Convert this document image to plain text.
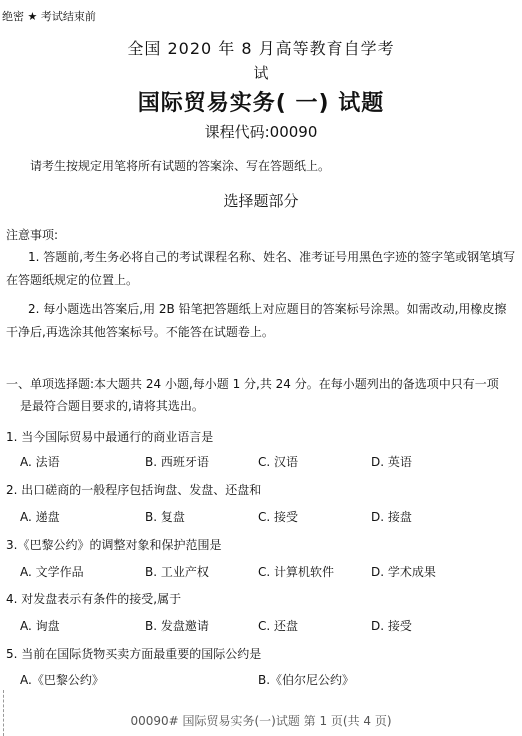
绝密 ★ 考试结束前
全国 2020 年 8 月高等教育自学考
试
国际贸易实务( 一) 试题
课程代码:00090
请考生按规定用笔将所有试题的答案涂、写在答题纸上。
选择题部分
注意事项:
1. 答题前,考生务必将自己的考试课程名称、姓名、准考证号用黑色字迹的签字笔或钢笔填写在答题纸规定的位置上。
2. 每小题选出答案后,用 2B 铅笔把答题纸上对应题目的答案标号涂黑。如需改动,用橡皮擦干净后,再选涂其他答案标号。不能答在试题卷上。
一、单项选择题:本大题共 24 小题,每小题 1 分,共 24 分。在每小题列出的备选项中只有一项
是最符合题目要求的,请将其选出。
1. 当今国际贸易中最通行的商业语言是
A. 法语	B. 西班牙语	C. 汉语	D. 英语
2. 出口磋商的一般程序包括询盘、发盘、还盘和
A. 递盘	B. 复盘	C. 接受	D. 接盘
3.《巴黎公约》的调整对象和保护范围是
A. 文学作品	B. 工业产权	C. 计算机软件	D. 学术成果
4. 对发盘表示有条件的接受,属于
A. 询盘	B. 发盘邀请	C. 还盘	D. 接受
5. 当前在国际货物买卖方面最重要的国际公约是
A.《巴黎公约》	B.《伯尔尼公约》
00090# 国际贸易实务(一)试题 第 1 页(共 4 页)
